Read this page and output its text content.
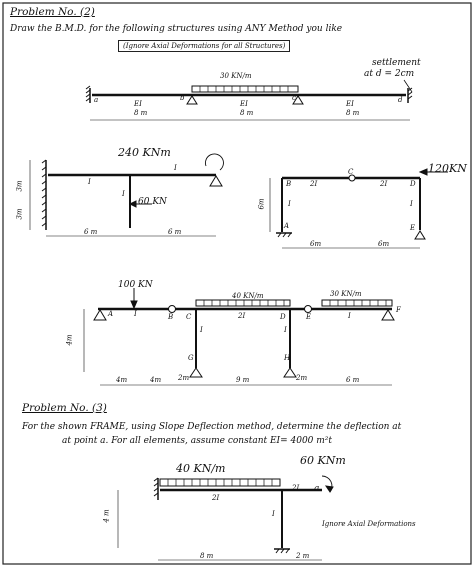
Problem No. (2)
Draw the B.M.D. for the following structures using ANY Method you like
(Ignore Axial Deformations for all Structures)
settlement
at d = 2cm
30 KN/m
a	b	c	d
EI	EI	EI
8 m	8 m	8 m
240 KNm
60 KN
I
I
I
3m
3m
6 m	6 m
120KN
B
C
D
A	E
2I	2I
I	I
6m
6m	6m
100 KN
40 KN/m	30 KN/m
A	B C	D	E
F
G	H
I	2I
I	I
I
4m
4m	4m 2m	9 m	2m	6 m
Problem No. (3)
For the shown FRAME, using Slope Deflection method, determine the deflection at
at point a. For all elements, assume constant EI= 4000 m²t
40 KN/m
60 KNm
2I
2I
I
a
4 m
8 m	2 m
Ignore Axial Deformations
